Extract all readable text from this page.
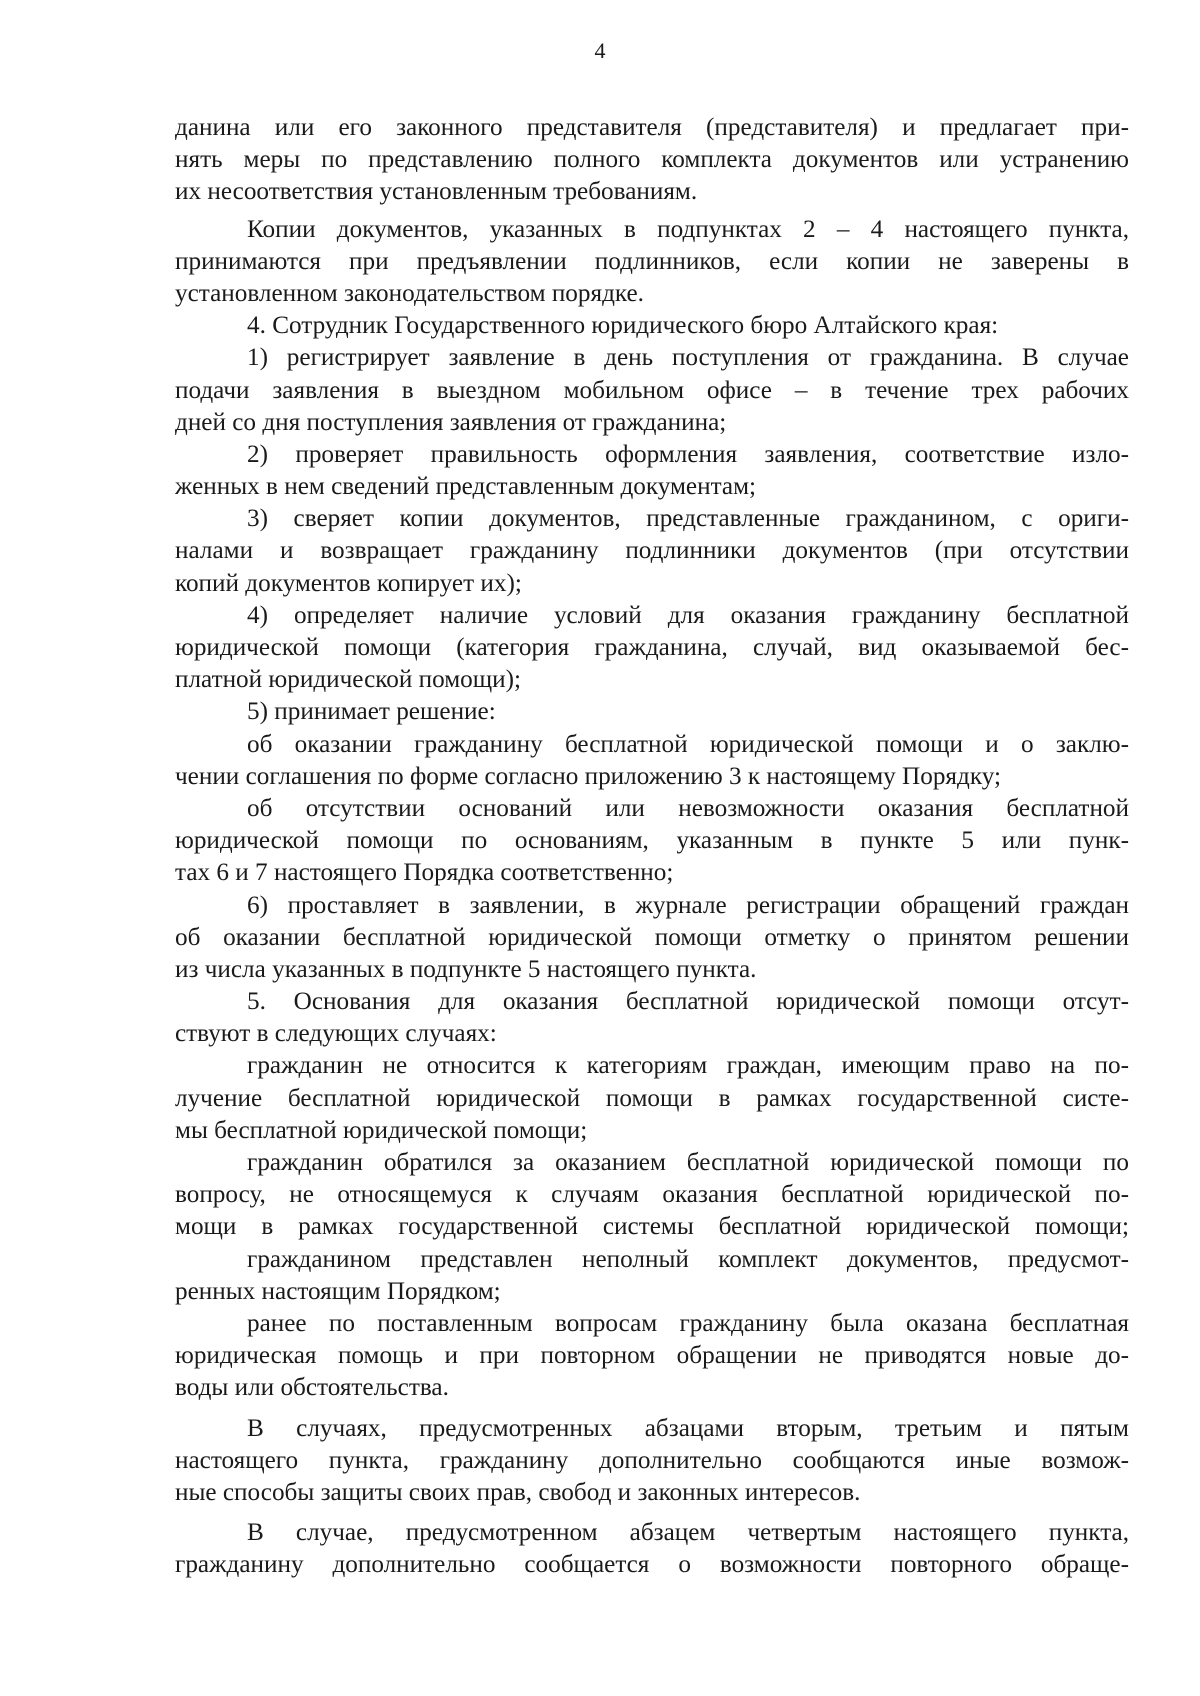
4
данина или его законного представителя (представителя) и предлагает при-
нять меры по представлению полного комплекта документов или устранению
их несоответствия установленным требованиям.
Копии документов, указанных в подпунктах 2 – 4 настоящего пункта,
принимаются при предъявлении подлинников, если копии не заверены в
установленном законодательством порядке.
4. Сотрудник Государственного юридического бюро Алтайского края:
1) регистрирует заявление в день поступления от гражданина. В случае
подачи заявления в выездном мобильном офисе – в течение трех рабочих
дней со дня поступления заявления от гражданина;
2) проверяет правильность оформления заявления, соответствие изло-
женных в нем сведений представленным документам;
3) сверяет копии документов, представленные гражданином, с ориги-
налами и возвращает гражданину подлинники документов (при отсутствии
копий документов копирует их);
4) определяет наличие условий для оказания гражданину бесплатной
юридической помощи (категория гражданина, случай, вид оказываемой бес-
платной юридической помощи);
5) принимает решение:
об оказании гражданину бесплатной юридической помощи и о заклю-
чении соглашения по форме согласно приложению 3 к настоящему Порядку;
об отсутствии оснований или невозможности оказания бесплатной
юридической помощи по основаниям, указанным в пункте 5 или пунк-
тах 6 и 7 настоящего Порядка соответственно;
6) проставляет в заявлении, в журнале регистрации обращений граждан
об оказании бесплатной юридической помощи отметку о принятом решении
из числа указанных в подпункте 5 настоящего пункта.
5. Основания для оказания бесплатной юридической помощи отсут-
ствуют в следующих случаях:
гражданин не относится к категориям граждан, имеющим право на по-
лучение бесплатной юридической помощи в рамках государственной систе-
мы бесплатной юридической помощи;
гражданин обратился за оказанием бесплатной юридической помощи по
вопросу, не относящемуся к случаям оказания бесплатной юридической по-
мощи в рамках государственной системы бесплатной юридической помощи;
гражданином представлен неполный комплект документов, предусмот-
ренных настоящим Порядком;
ранее по поставленным вопросам гражданину была оказана бесплатная
юридическая помощь и при повторном обращении не приводятся новые до-
воды или обстоятельства.
В случаях, предусмотренных абзацами вторым, третьим и пятым
настоящего пункта, гражданину дополнительно сообщаются иные возмож-
ные способы защиты своих прав, свобод и законных интересов.
В случае, предусмотренном абзацем четвертым настоящего пункта,
гражданину дополнительно сообщается о возможности повторного обраще-
